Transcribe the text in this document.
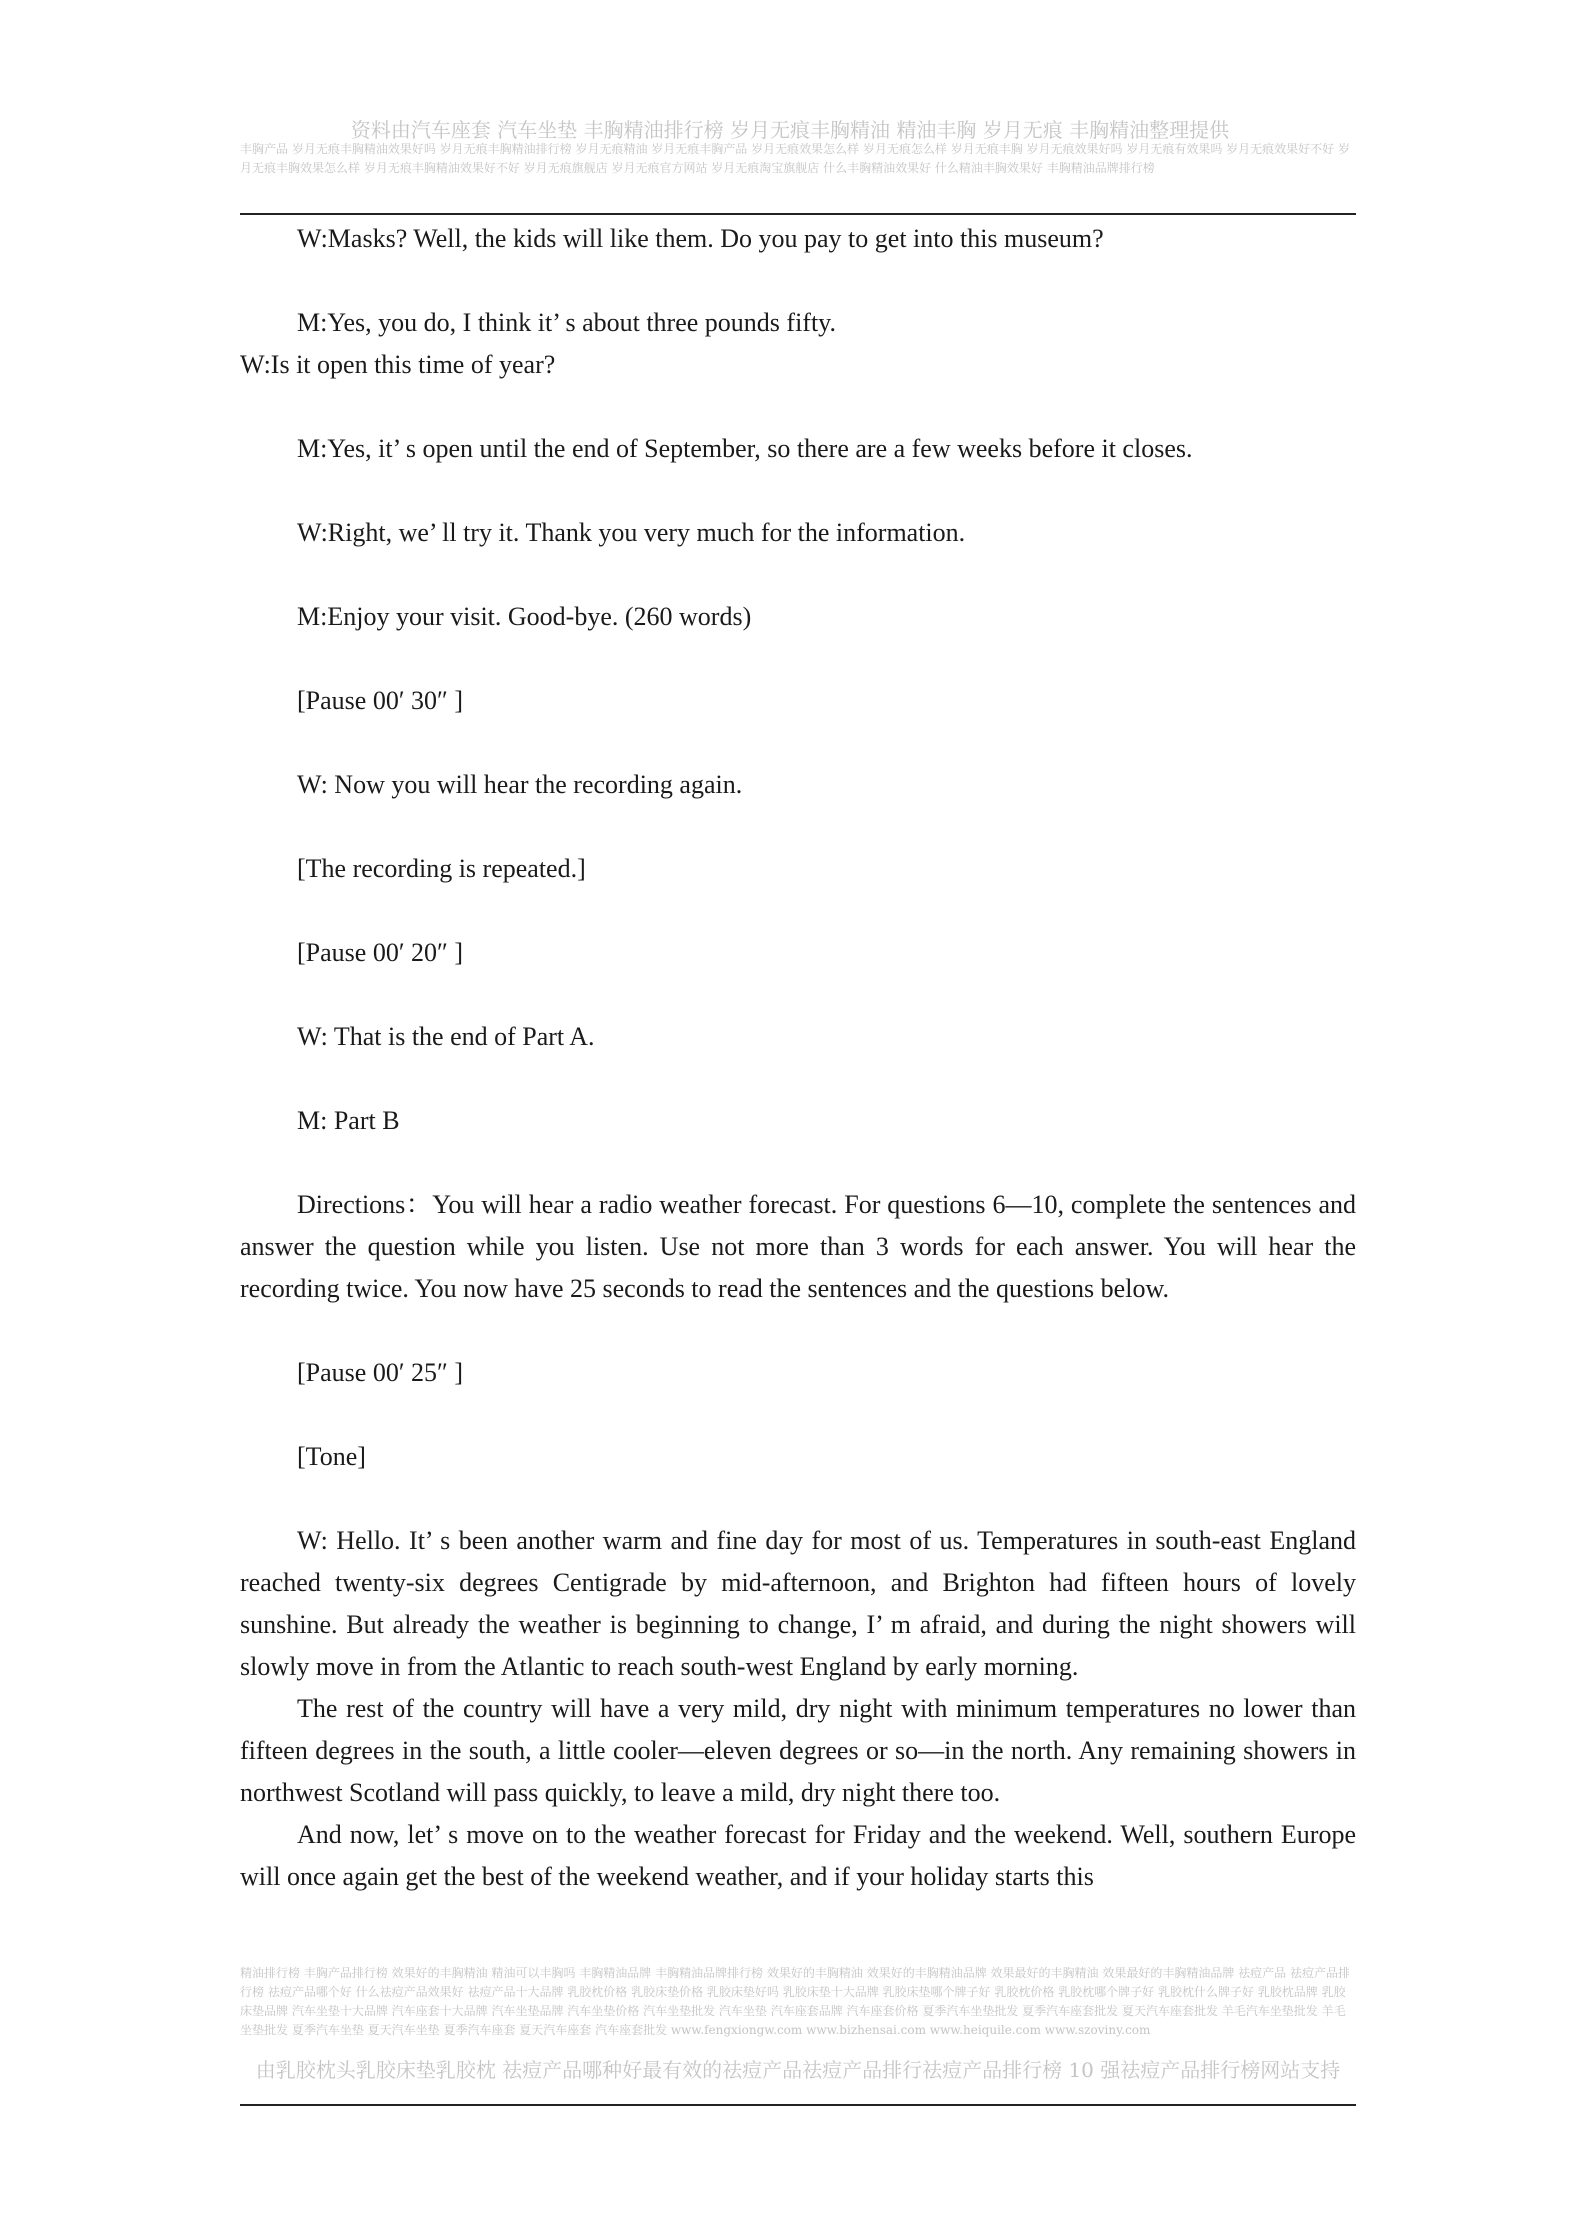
资料由汽车座套 汽车坐垫 丰胸精油排行榜 岁月无痕丰胸精油 精油丰胸 岁月无痕 丰胸精油整理提供
丰胸产品 岁月无痕丰胸精油效果好吗 岁月无痕丰胸精油排行榜 岁月无痕精油 岁月无痕丰胸产品 岁月无痕效果怎么样 岁月无痕怎么样 岁月无痕丰胸 岁月无痕效果好吗 岁月无痕有效果吗 岁月无痕效果好不好 岁月无痕丰胸效果怎么样 岁月无痕丰胸精油效果好不好 岁月无痕旗舰店 岁月无痕官方网站 岁月无痕淘宝旗舰店 什么丰胸精油效果好 什么精油丰胸效果好 丰胸精油品牌排行榜

W:Masks? Well, the kids will like them. Do you pay to get into this museum?

M:Yes, you do, I think it’ s about three pounds fifty.

W:Is it open this time of year?

M:Yes, it’ s open until the end of September, so there are a few weeks before it closes.

W:Right, we’ ll try it. Thank you very much for the information.

M:Enjoy your visit. Good-bye. (260 words)

[Pause 00′ 30″ ]

W: Now you will hear the recording again.

[The recording is repeated.]

[Pause 00′ 20″ ]

W: That is the end of Part A.

M: Part B

Directions：You will hear a radio weather forecast. For questions 6—10, complete the sentences and answer the question while you listen. Use not more than 3 words for each answer. You will hear the recording twice. You now have 25 seconds to read the sentences and the questions below.

[Pause 00′ 25″ ]

[Tone]

W: Hello. It’ s been another warm and fine day for most of us. Temperatures in south-east England reached twenty-six degrees Centigrade by mid-afternoon, and Brighton had fifteen hours of lovely sunshine. But already the weather is beginning to change, I’ m afraid, and during the night showers will slowly move in from the Atlantic to reach south-west England by early morning.

The rest of the country will have a very mild, dry night with minimum temperatures no lower than fifteen degrees in the south, a little cooler—eleven degrees or so—in the north. Any remaining showers in northwest Scotland will pass quickly, to leave a mild, dry night there too.

And now, let’ s move on to the weather forecast for Friday and the weekend. Well, southern Europe will once again get the best of the weekend weather, and if your holiday starts this

精油排行榜 丰胸产品排行榜 效果好的丰胸精油 精油可以丰胸吗 丰胸精油品牌 丰胸精油品牌排行榜 效果好的丰胸精油 效果好的丰胸精油品牌 效果最好的丰胸精油 效果最好的丰胸精油品牌 祛痘产品 祛痘产品排行榜 祛痘产品哪个好 什么祛痘产品效果好 祛痘产品十大品牌 乳胶枕价格 乳胶床垫价格 乳胶床垫好吗 乳胶床垫十大品牌 乳胶床垫哪个牌子好 乳胶枕价格 乳胶枕哪个牌子好 乳胶枕什么牌子好 乳胶枕品牌 乳胶床垫品牌 汽车坐垫十大品牌 汽车座套十大品牌 汽车坐垫品牌 汽车坐垫价格 汽车坐垫批发 汽车坐垫 汽车座套品牌 汽车座套价格 夏季汽车坐垫批发 夏季汽车座套批发 夏天汽车座套批发 羊毛汽车坐垫批发 羊毛坐垫批发 夏季汽车坐垫 夏天汽车坐垫 夏季汽车座套 夏天汽车座套 汽车座套批发 www.fengxiongw.com www.bizhensai.com www.heiquile.com www.szoviny.com
由乳胶枕头乳胶床垫乳胶枕 祛痘产品哪种好最有效的祛痘产品祛痘产品排行祛痘产品排行榜 10 强祛痘产品排行榜网站支持
